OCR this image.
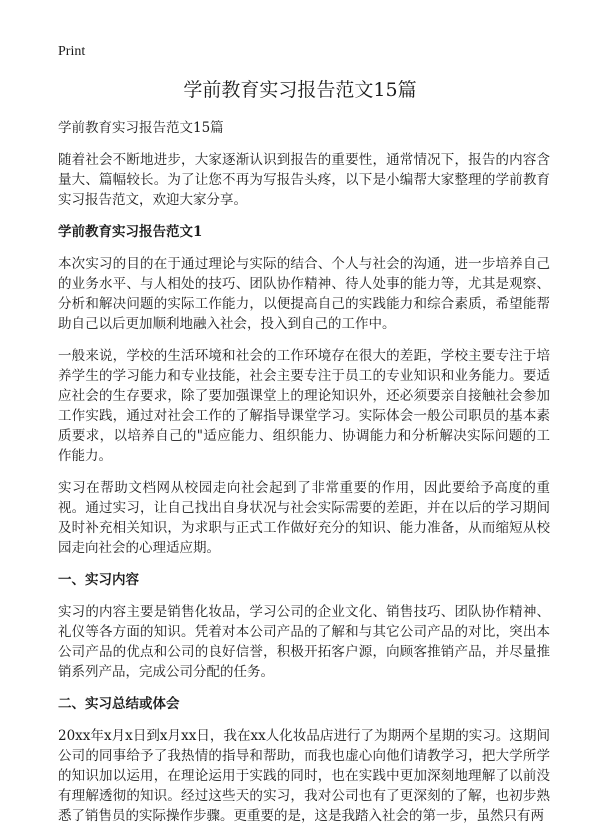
Print
学前教育实习报告范文15篇
学前教育实习报告范文15篇

随着社会不断地进步，大家逐渐认识到报告的重要性，通常情况下，报告的内容含量大、篇幅较长。为了让您不再为写报告头疼，以下是小编帮大家整理的学前教育实习报告范文，欢迎大家分享。

学前教育实习报告范文1

本次实习的目的在于通过理论与实际的结合、个人与社会的沟通，进一步培养自己的业务水平、与人相处的技巧、团队协作精神、待人处事的能力等，尤其是观察、分析和解决问题的实际工作能力，以便提高自己的实践能力和综合素质，希望能帮助自己以后更加顺利地融入社会，投入到自己的工作中。

一般来说，学校的生活环境和社会的工作环境存在很大的差距，学校主要专注于培养学生的学习能力和专业技能，社会主要专注于员工的专业知识和业务能力。要适应社会的生存要求，除了要加强课堂上的理论知识外，还必须要亲自接触社会参加工作实践，通过对社会工作的了解指导课堂学习。实际体会一般公司职员的基本素质要求，以培养自己的"适应能力、组织能力、协调能力和分析解决实际问题的工作能力。

实习在帮助文档网从校园走向社会起到了非常重要的作用，因此要给予高度的重视。通过实习，让自己找出自身状况与社会实际需要的差距，并在以后的学习期间及时补充相关知识，为求职与正式工作做好充分的知识、能力准备，从而缩短从校园走向社会的心理适应期。

一、实习内容

实习的内容主要是销售化妆品，学习公司的企业文化、销售技巧、团队协作精神、礼仪等各方面的知识。凭着对本公司产品的了解和与其它公司产品的对比，突出本公司产品的优点和公司的良好信誉，积极开拓客户源，向顾客推销产品，并尽量推销系列产品，完成公司分配的任务。

二、实习总结或体会

20xx年x月x日到x月xx日，我在xx人化妆品店进行了为期两个星期的实习。这期间公司的同事给予了我热情的指导和帮助，而我也虚心向他们请教学习，把大学所学的知识加以运用，在理论运用于实践的同时，也在实践中更加深刻地理解了以前没有理解透彻的知识。经过这些天的实习，我对公司也有了更深刻的了解，也初步熟悉了销售员的实际操作步骤。更重要的是，这是我踏入社会的第一步，虽然只有两
